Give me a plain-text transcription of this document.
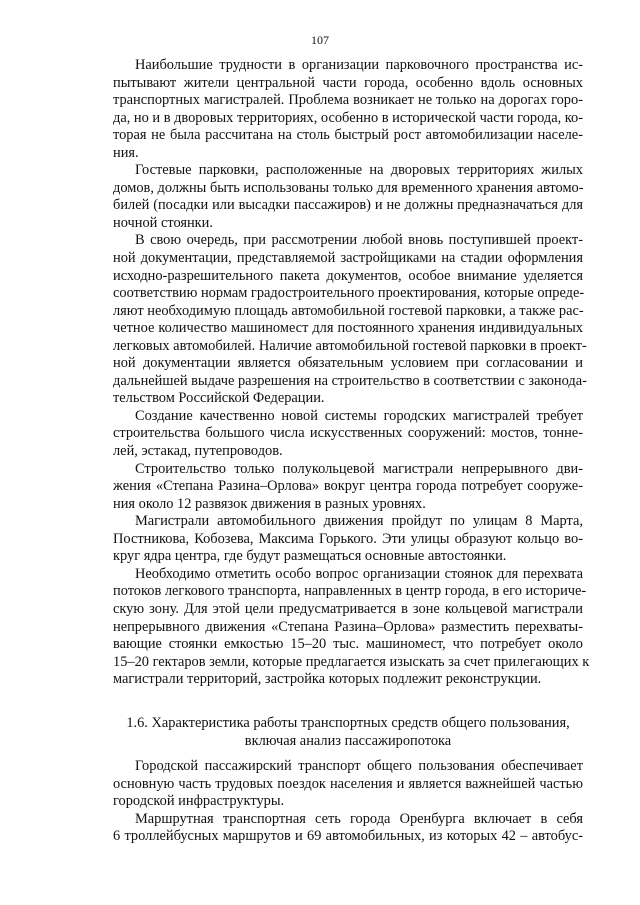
107
Наибольшие трудности в организации парковочного пространства ис-
пытывают жители центральной части города, особенно вдоль основных
транспортных магистралей. Проблема возникает не только на дорогах горо-
да, но и в дворовых территориях, особенно в исторической части города, ко-
торая не была рассчитана на столь быстрый рост автомобилизации населе-
ния.
Гостевые парковки, расположенные на дворовых территориях жилых
домов, должны быть использованы только для временного хранения автомо-
билей (посадки или высадки пассажиров) и не должны предназначаться для
ночной стоянки.
В свою очередь, при рассмотрении любой вновь поступившей проект-
ной документации, представляемой застройщиками на стадии оформления
исходно-разрешительного пакета документов, особое внимание уделяется
соответствию нормам градостроительного проектирования, которые опреде-
ляют необходимую площадь автомобильной гостевой парковки, а также рас-
четное количество машиномест для постоянного хранения индивидуальных
легковых автомобилей. Наличие автомобильной гостевой парковки в проект-
ной документации является обязательным условием при согласовании и
дальнейшей выдаче разрешения на строительство в соответствии с законода-
тельством Российской Федерации.
Создание качественно новой системы городских магистралей требует
строительства большого числа искусственных сооружений: мостов, тонне-
лей, эстакад, путепроводов.
Строительство только полукольцевой магистрали непрерывного дви-
жения «Степана Разина–Орлова» вокруг центра города потребует сооруже-
ния около 12 развязок движения в разных уровнях.
Магистрали автомобильного движения пройдут по улицам 8 Марта,
Постникова, Кобозева, Максима Горького. Эти улицы образуют кольцо во-
круг ядра центра, где будут размещаться основные автостоянки.
Необходимо отметить особо вопрос организации стоянок для перехвата
потоков легкового транспорта, направленных в центр города, в его историче-
скую зону. Для этой цели предусматривается в зоне кольцевой магистрали
непрерывного движения «Степана Разина–Орлова» разместить перехваты-
вающие стоянки емкостью 15–20 тыс. машиномест, что потребует около
15–20 гектаров земли, которые предлагается изыскать за счет прилегающих к
магистрали территорий, застройка которых подлежит реконструкции.
1.6. Характеристика работы транспортных средств общего пользования,
включая анализ пассажиропотока
Городской пассажирский транспорт общего пользования обеспечивает
основную часть трудовых поездок населения и является важнейшей частью
городской инфраструктуры.
Маршрутная транспортная сеть города Оренбурга включает в себя
6 троллейбусных маршрутов и 69 автомобильных, из которых 42 – автобус-
